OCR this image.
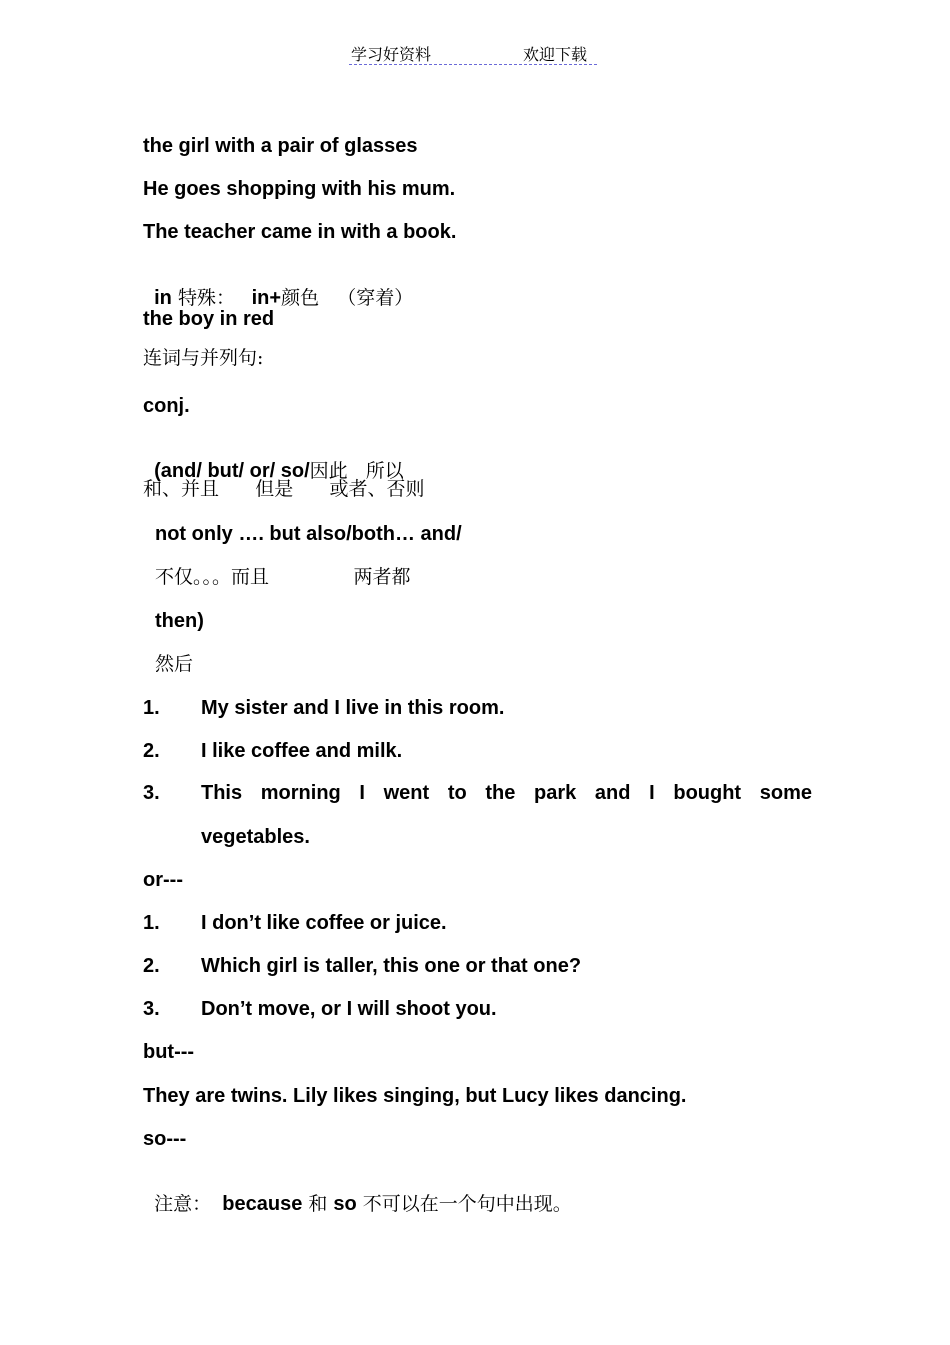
学习好资料	欢迎下载
the girl with a pair of glasses
He goes shopping with his mum.
The teacher came in with a book.

in 特殊：   in+颜色   （穿着）

the boy in red
连词与并列句:
conj.

(and/ but/ or/ so/因此   所以

和、并且      但是      或者、否则
not only …. but also/both… and/
不仅。。。而且              两者都
then)
然后
1. My sister and I live in this room.
2. I like coffee and milk.
3. This morning I went to the park and I bought some
vegetables.
or---
1. I don’t like coffee or juice.
2. Which girl is taller, this one or that one?
3. Don’t move, or I will shoot you.
but---
They are twins. Lily likes singing, but Lucy likes dancing.
so---

注意： because 和 so 不可以在一个句中出现。
